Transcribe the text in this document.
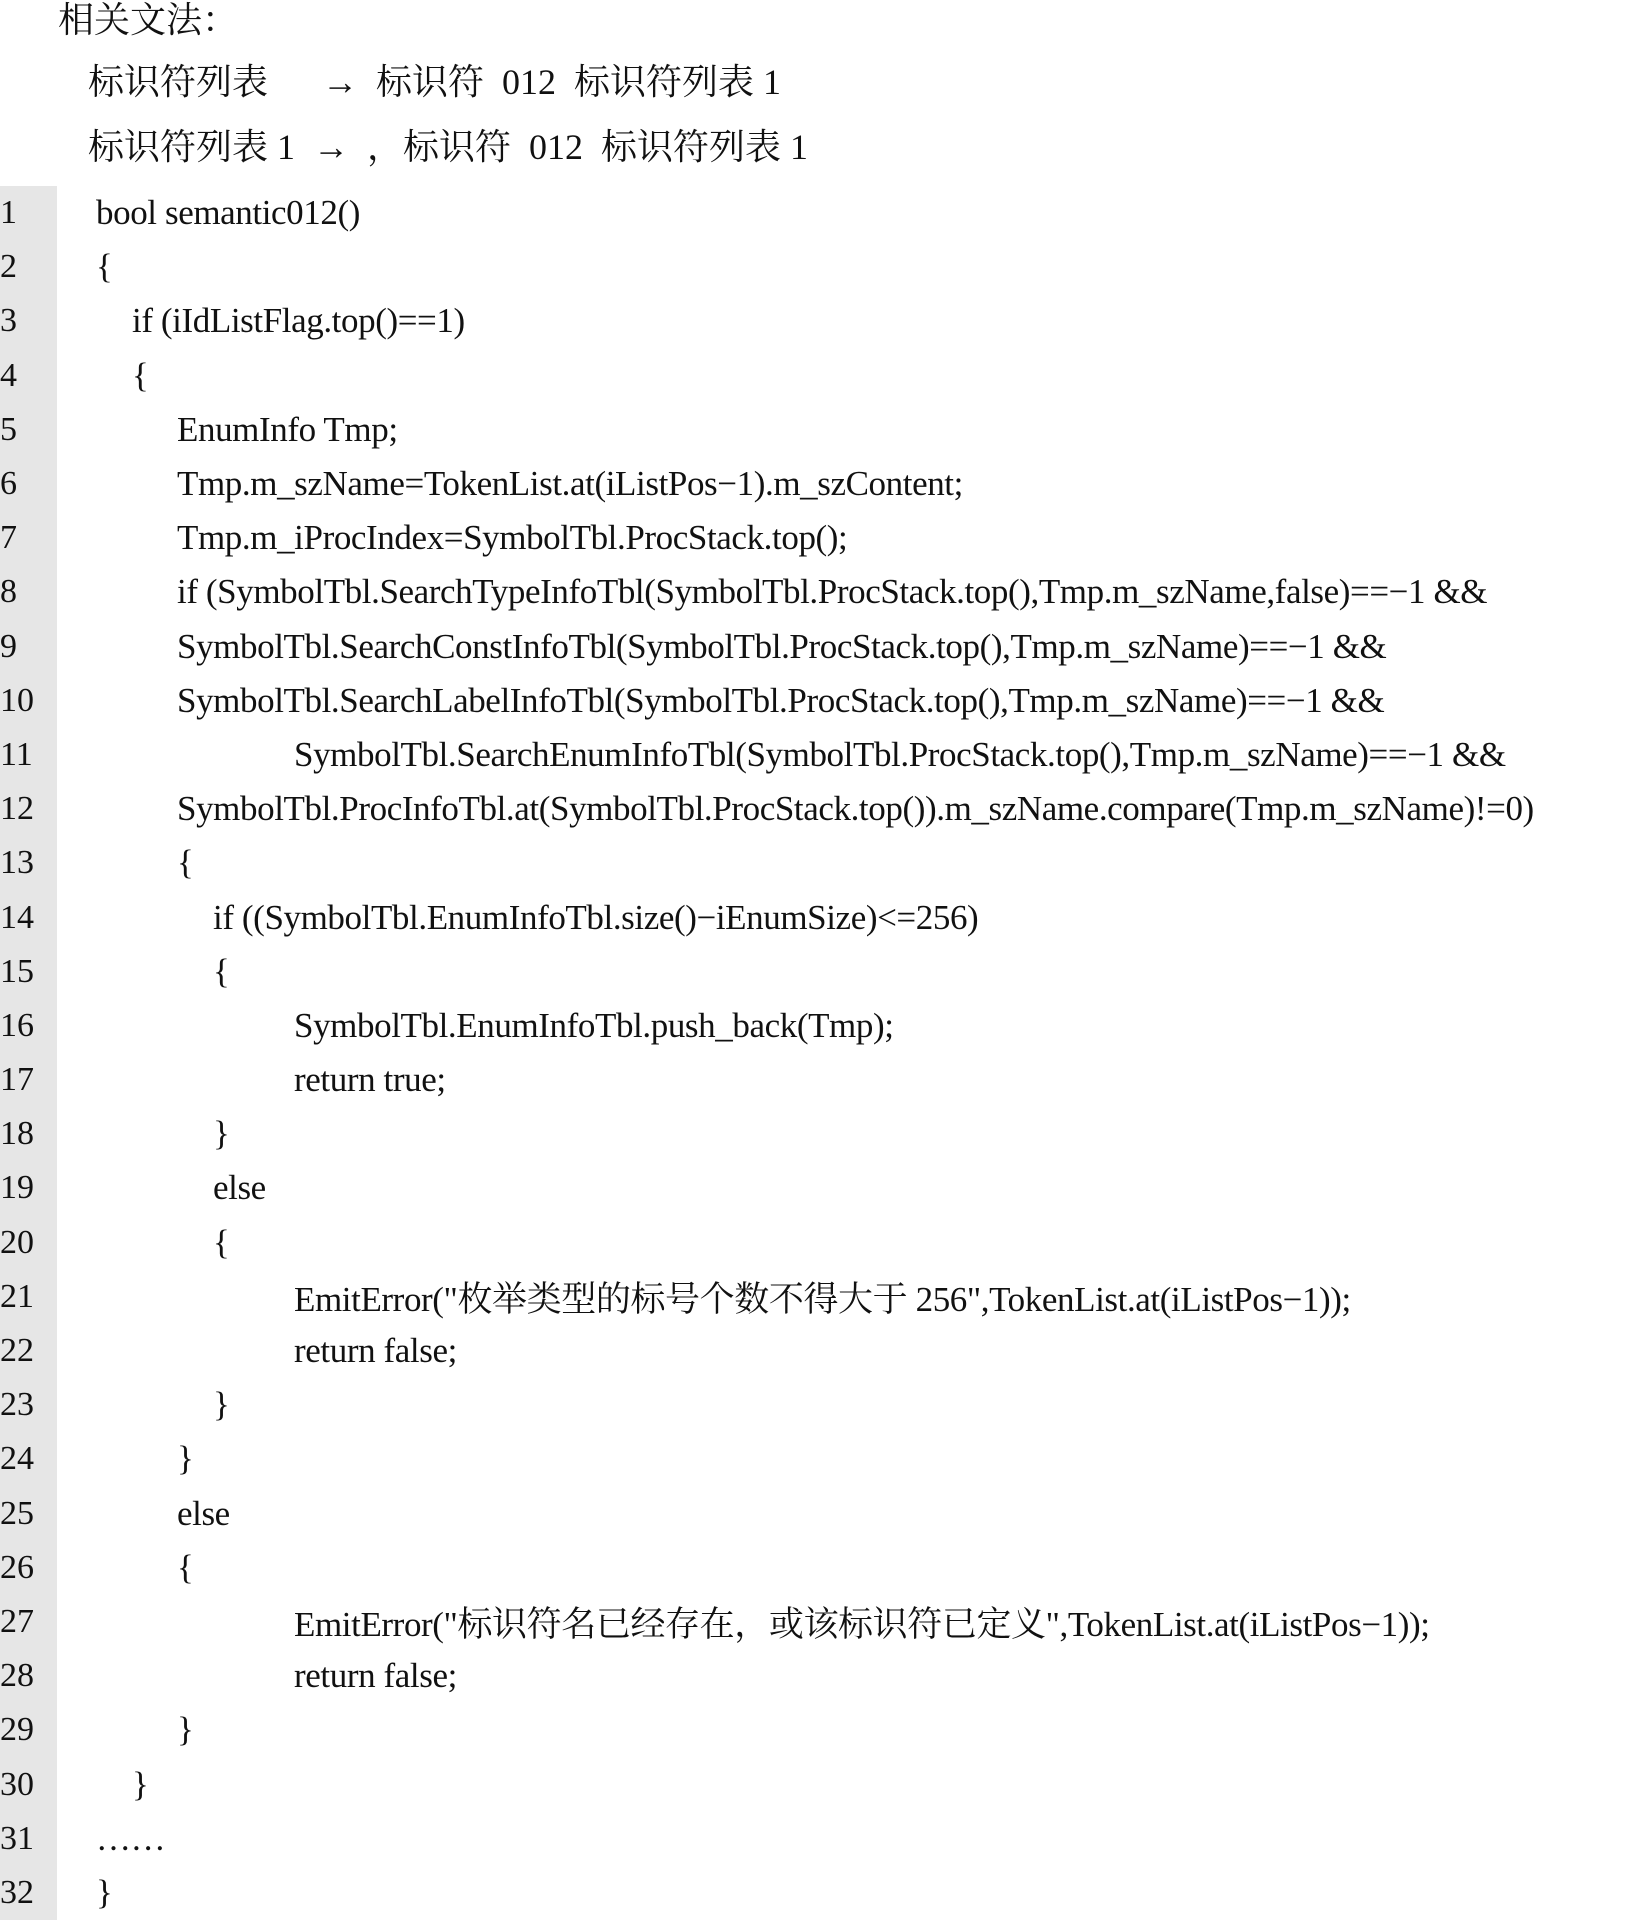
相关文法：
标识符列表      →  标识符  012  标识符列表 1
标识符列表 1  →  ，标识符  012  标识符列表 1
1	bool semantic012()
2	{
3	if (iIdListFlag.top()==1)
4	{
5	EnumInfo Tmp;
6	Tmp.m_szName=TokenList.at(iListPos−1).m_szContent;
7	Tmp.m_iProcIndex=SymbolTbl.ProcStack.top();
8	if (SymbolTbl.SearchTypeInfoTbl(SymbolTbl.ProcStack.top(),Tmp.m_szName,false)==−1 &&
9	SymbolTbl.SearchConstInfoTbl(SymbolTbl.ProcStack.top(),Tmp.m_szName)==−1 &&
10	SymbolTbl.SearchLabelInfoTbl(SymbolTbl.ProcStack.top(),Tmp.m_szName)==−1 &&
11	SymbolTbl.SearchEnumInfoTbl(SymbolTbl.ProcStack.top(),Tmp.m_szName)==−1 &&
12	SymbolTbl.ProcInfoTbl.at(SymbolTbl.ProcStack.top()).m_szName.compare(Tmp.m_szName)!=0)
13	{
14	if ((SymbolTbl.EnumInfoTbl.size()−iEnumSize)<=256)
15	{
16	SymbolTbl.EnumInfoTbl.push_back(Tmp);
17	return true;
18	}
19	else
20	{
21	EmitError("枚举类型的标号个数不得大于 256",TokenList.at(iListPos−1));
22	return false;
23	}
24	}
25	else
26	{
27	EmitError("标识符名已经存在，或该标识符已定义",TokenList.at(iListPos−1));
28	return false;
29	}
30	}
31	……
32	}
